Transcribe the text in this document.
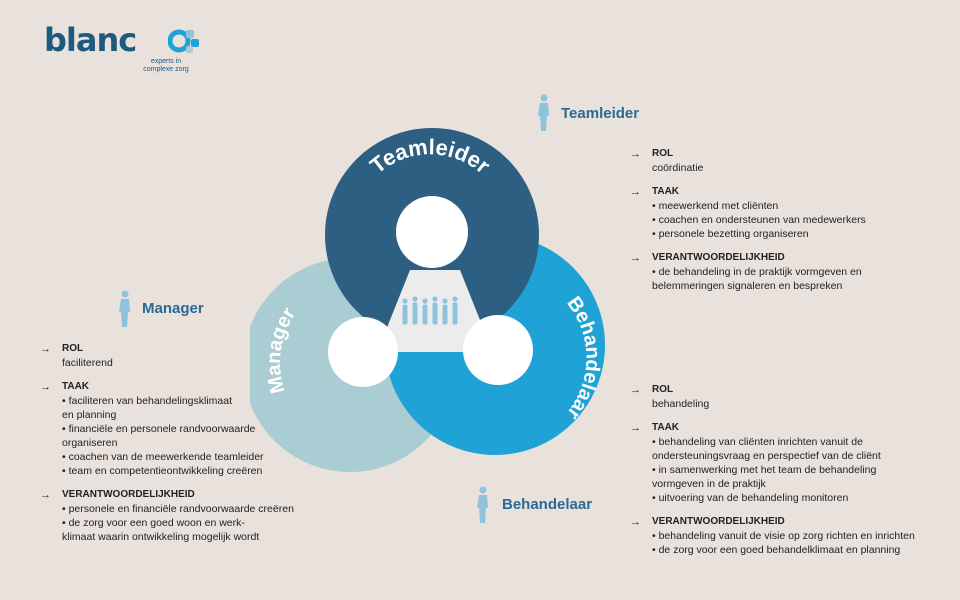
blanc
experts in
complexe zorg
Teamleider
Manager
Behandelaar
Teamleider
Behandelaar
Manager
→ ROL
coördinatie
→ TAAK
• meewerkend met cliënten
• coachen en ondersteunen van medewerkers
• personele bezetting organiseren
→ VERANTWOORDELIJKHEID
• de behandeling in de praktijk vormgeven en
belemmeringen signaleren en bespreken
→ ROL
faciliterend
→ TAAK
• faciliteren van behandelingsklimaat
en planning
• financiële en personele randvoorwaarde
organiseren
• coachen van de meewerkende teamleider
• team en competentieontwikkeling creëren
→ VERANTWOORDELIJKHEID
• personele en financiële randvoorwaarde creëren
• de zorg voor een goed woon en werk-
klimaat waarin ontwikkeling mogelijk wordt
→ ROL
behandeling
→ TAAK
• behandeling van cliënten inrichten vanuit de
ondersteuningsvraag en perspectief van de cliënt
• in samenwerking met het team de behandeling
vormgeven in de praktijk
• uitvoering van de behandeling monitoren
→ VERANTWOORDELIJKHEID
• behandeling vanuit de visie op zorg richten en inrichten
• de zorg voor een goed behandelklimaat en planning
